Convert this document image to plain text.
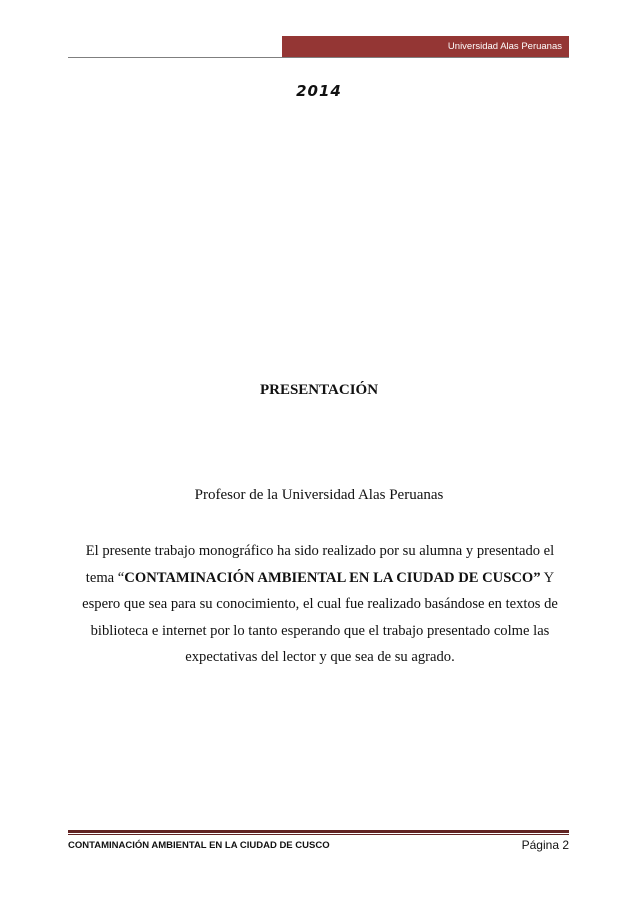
Universidad Alas Peruanas
2014
PRESENTACIÓN
Profesor de la Universidad Alas Peruanas

El presente trabajo monográfico ha sido realizado por su alumna y presentado el tema “CONTAMINACIÓN AMBIENTAL EN LA CIUDAD DE CUSCO” Y espero que sea para su conocimiento, el cual fue realizado basándose en textos de biblioteca e internet por lo tanto esperando que el trabajo presentado colme las expectativas del lector y que sea de su agrado.

CONTAMINACIÓN AMBIENTAL EN LA CIUDAD DE CUSCO	Página 2
